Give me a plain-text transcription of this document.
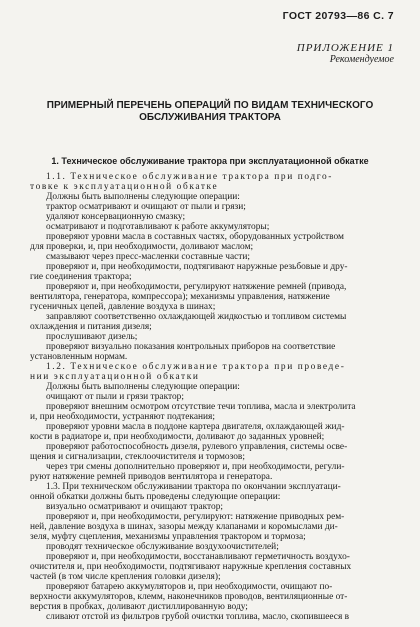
ГОСТ 20793—86 С. 7
ПРИЛОЖЕНИЕ 1
Рекомендуемое
ПРИМЕРНЫЙ ПЕРЕЧЕНЬ ОПЕРАЦИЙ ПО ВИДАМ ТЕХНИЧЕСКОГО
ОБСЛУЖИВАНИЯ ТРАКТОРА
1. Техническое обслуживание трактора при эксплуатационной обкатке
1.1. Техническое обслуживание трактора при подго-
товке к эксплуатационной обкатке
Должны быть выполнены следующие операции:
трактор осматривают и очищают от пыли и грязи;
удаляют консервационную смазку;
осматривают и подготавливают к работе аккумуляторы;
проверяют уровни масла в составных частях, оборудованных устройством
для проверки, и, при необходимости, доливают маслом;
смазывают через пресс-масленки составные части;
проверяют и, при необходимости, подтягивают наружные резьбовые и дру-
гие соединения трактора;
проверяют и, при необходимости, регулируют натяжение ремней (привода,
вентилятора, генератора, компрессора); механизмы управления, натяжение
гусеничных цепей, давление воздуха в шинах;
заправляют соответственно охлаждающей жидкостью и топливом системы
охлаждения и питания дизеля;
прослушивают дизель;
проверяют визуально показания контрольных приборов на соответствие
установленным нормам.
1.2. Техническое обслуживание трактора при проведе-
нии эксплуатационной обкатки
Должны быть выполнены следующие операции:
очищают от пыли и грязи трактор;
проверяют внешним осмотром отсутствие течи топлива, масла и электролита
и, при необходимости, устраняют подтекания;
проверяют уровни масла в поддоне картера двигателя, охлаждающей жид-
кости в радиаторе и, при необходимости, доливают до заданных уровней;
проверяют работоспособность дизеля, рулевого управления, системы осве-
щения и сигнализации, стеклоочистителя и тормозов;
через три смены дополнительно проверяют и, при необходимости, регули-
руют натяжение ремней приводов вентилятора и генератора.
1.3. При техническом обслуживании трактора по окончании эксплуатаци-
онной обкатки должны быть проведены следующие операции:
визуально осматривают и очищают трактор;
проверяют и, при необходимости, регулируют: натяжение приводных рем-
ней, давление воздуха в шинах, зазоры между клапанами и коромыслами ди-
зеля, муфту сцепления, механизмы управления трактором и тормоза;
проводят техническое обслуживание воздухоочистителей;
проверяют и, при необходимости, восстанавливают герметичность воздухо-
очистителя и, при необходимости, подтягивают наружные крепления составных
частей (в том числе крепления головки дизеля);
проверяют батарею аккумуляторов и, при необходимости, очищают по-
верхности аккумуляторов, клемм, наконечников проводов, вентиляционные от-
верстия в пробках, доливают дистиллированную воду;
сливают отстой из фильтров грубой очистки топлива, масло, скопившееся в
